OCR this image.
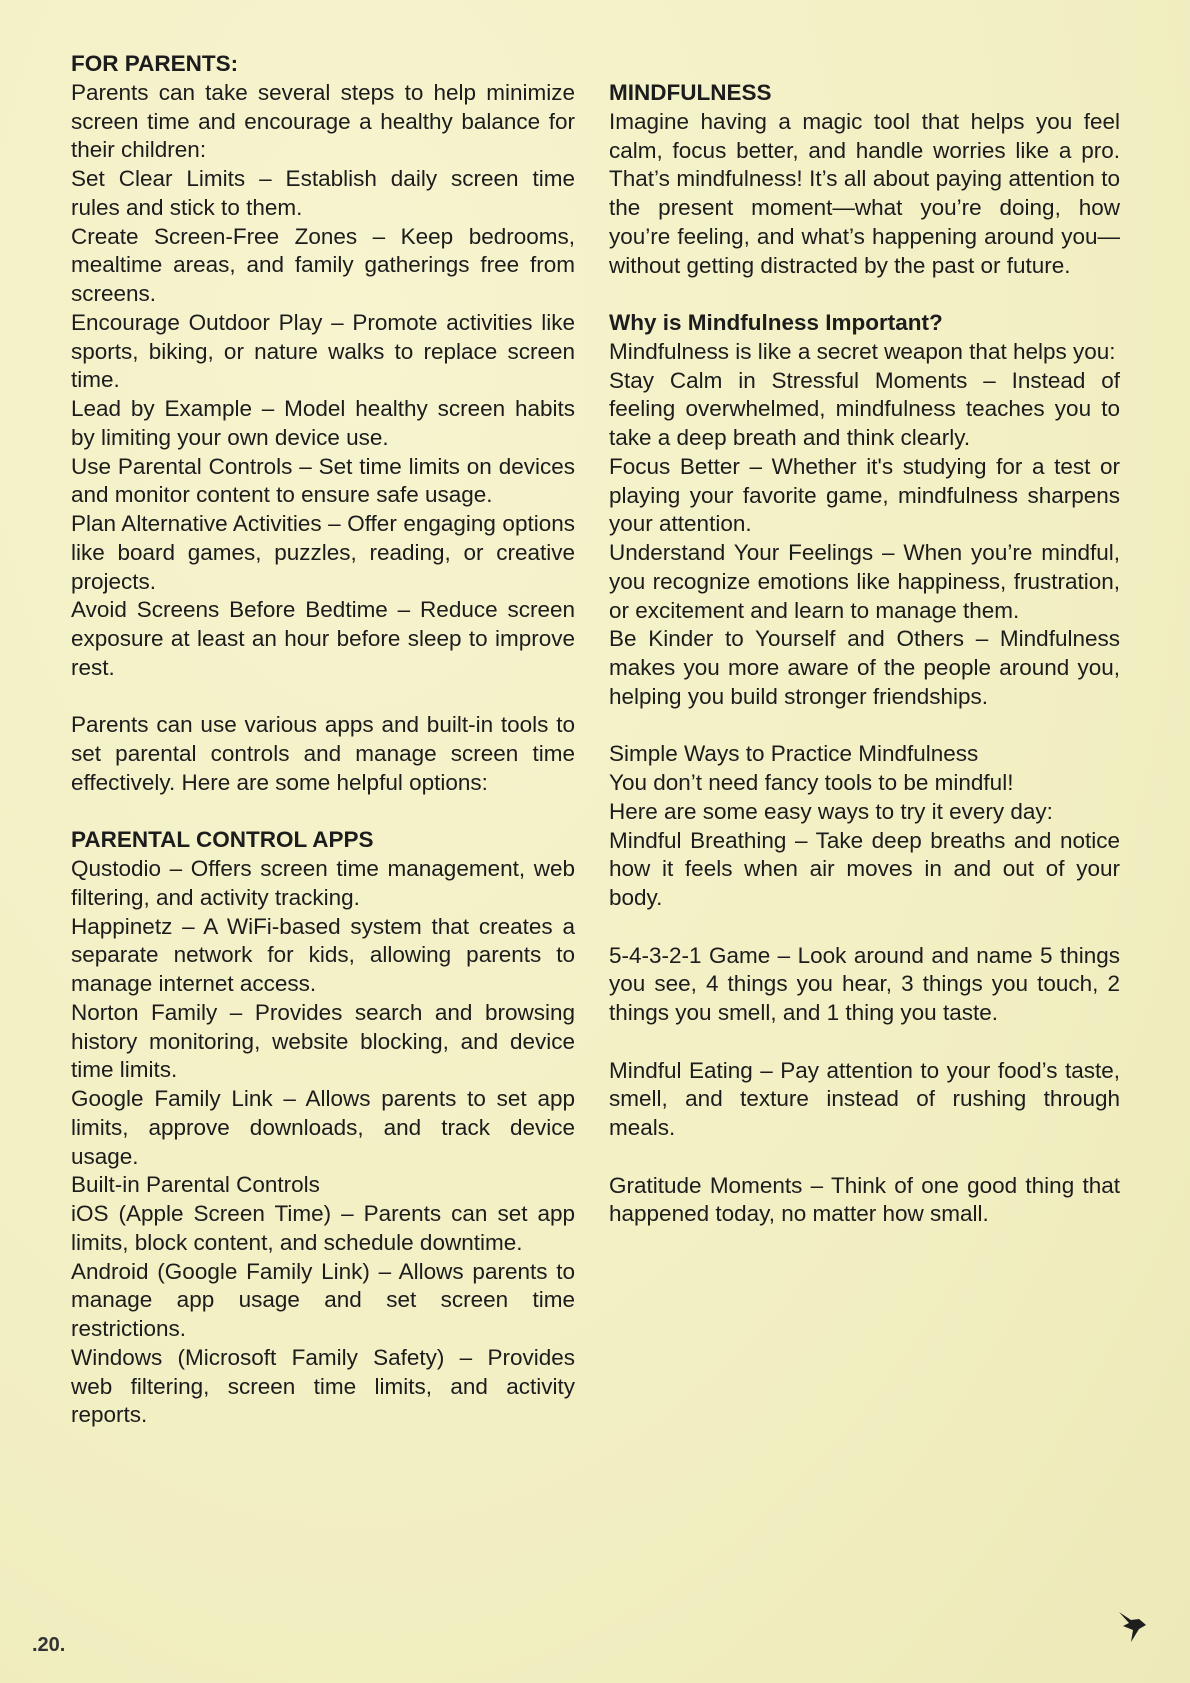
FOR PARENTS:

Parents can take several steps to help minimize screen time and encourage a healthy balance for their children:

Set Clear Limits – Establish daily screen time rules and stick to them.

Create Screen-Free Zones – Keep bedrooms, mealtime areas, and family gatherings free from screens.

Encourage Outdoor Play – Promote activities like sports, biking, or nature walks to replace screen time.

Lead by Example – Model healthy screen habits by limiting your own device use.

Use Parental Controls – Set time limits on devices and monitor content to ensure safe usage.

Plan Alternative Activities – Offer engaging options like board games, puzzles, reading, or creative projects.

Avoid Screens Before Bedtime – Reduce screen exposure at least an hour before sleep to improve rest.

Parents can use various apps and built-in tools to set parental controls and manage screen time effectively. Here are some helpful options:

PARENTAL CONTROL APPS

Qustodio – Offers screen time management, web filtering, and activity tracking.

Happinetz – A WiFi-based system that creates a separate network for kids, allowing parents to manage internet access.

Norton Family – Provides search and browsing history monitoring, website blocking, and device time limits.

Google Family Link – Allows parents to set app limits, approve downloads, and track device usage.

Built-in Parental Controls

iOS (Apple Screen Time) – Parents can set app limits, block content, and schedule downtime.

Android (Google Family Link) – Allows parents to manage app usage and set screen time restrictions.

Windows (Microsoft Family Safety) – Provides web filtering, screen time limits, and activity reports.

MINDFULNESS

Imagine having a magic tool that helps you feel calm, focus better, and handle worries like a pro. That’s mindfulness! It’s all about paying attention to the present moment—what you’re doing, how you’re feeling, and what’s happening around you—without getting distracted by the past or future.

Why is Mindfulness Important?

Mindfulness is like a secret weapon that helps you:

Stay Calm in Stressful Moments – Instead of feeling overwhelmed, mindfulness teaches you to take a deep breath and think clearly.

Focus Better – Whether it's studying for a test or playing your favorite game, mindfulness sharpens your attention.

Understand Your Feelings – When you’re mindful, you recognize emotions like happiness, frustration, or excitement and learn to manage them.

Be Kinder to Yourself and Others – Mindfulness makes you more aware of the people around you, helping you build stronger friendships.

Simple Ways to Practice Mindfulness

You don’t need fancy tools to be mindful!

Here are some easy ways to try it every day:

Mindful Breathing – Take deep breaths and notice how it feels when air moves in and out of your body.

5-4-3-2-1 Game – Look around and name 5 things you see, 4 things you hear, 3 things you touch, 2 things you smell, and 1 thing you taste.

Mindful Eating – Pay attention to your food’s taste, smell, and texture instead of rushing through meals.

Gratitude Moments – Think of one good thing that happened today, no matter how small.

.20.
